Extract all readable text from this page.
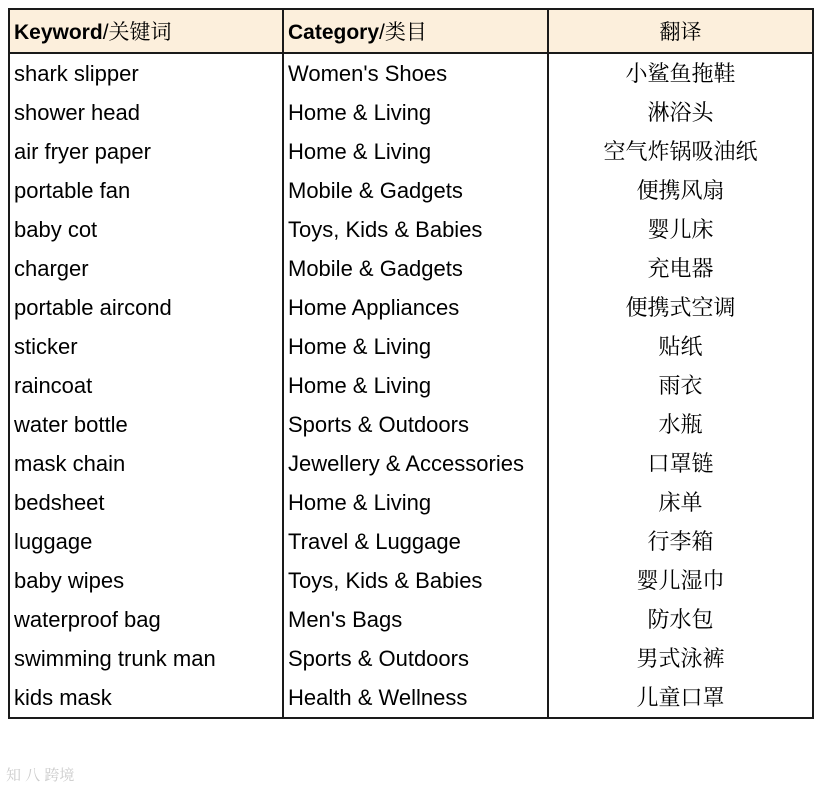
Keyword/关键词	Category/类目	翻译
shark slipper	Women's Shoes	小鲨鱼拖鞋
shower head	Home & Living	淋浴头
air fryer paper	Home & Living	空气炸锅吸油纸
portable fan	Mobile & Gadgets	便携风扇
baby cot	Toys, Kids & Babies	婴儿床
charger	Mobile & Gadgets	充电器
portable aircond	Home Appliances	便携式空调
sticker	Home & Living	贴纸
raincoat	Home & Living	雨衣
water bottle	Sports & Outdoors	水瓶
mask chain	Jewellery & Accessories	口罩链
bedsheet	Home & Living	床单
luggage	Travel & Luggage	行李箱
baby wipes	Toys, Kids & Babies	婴儿湿巾
waterproof bag	Men's Bags	防水包
swimming trunk man	Sports & Outdoors	男式泳裤
kids mask	Health & Wellness	儿童口罩
知 八 跨境
